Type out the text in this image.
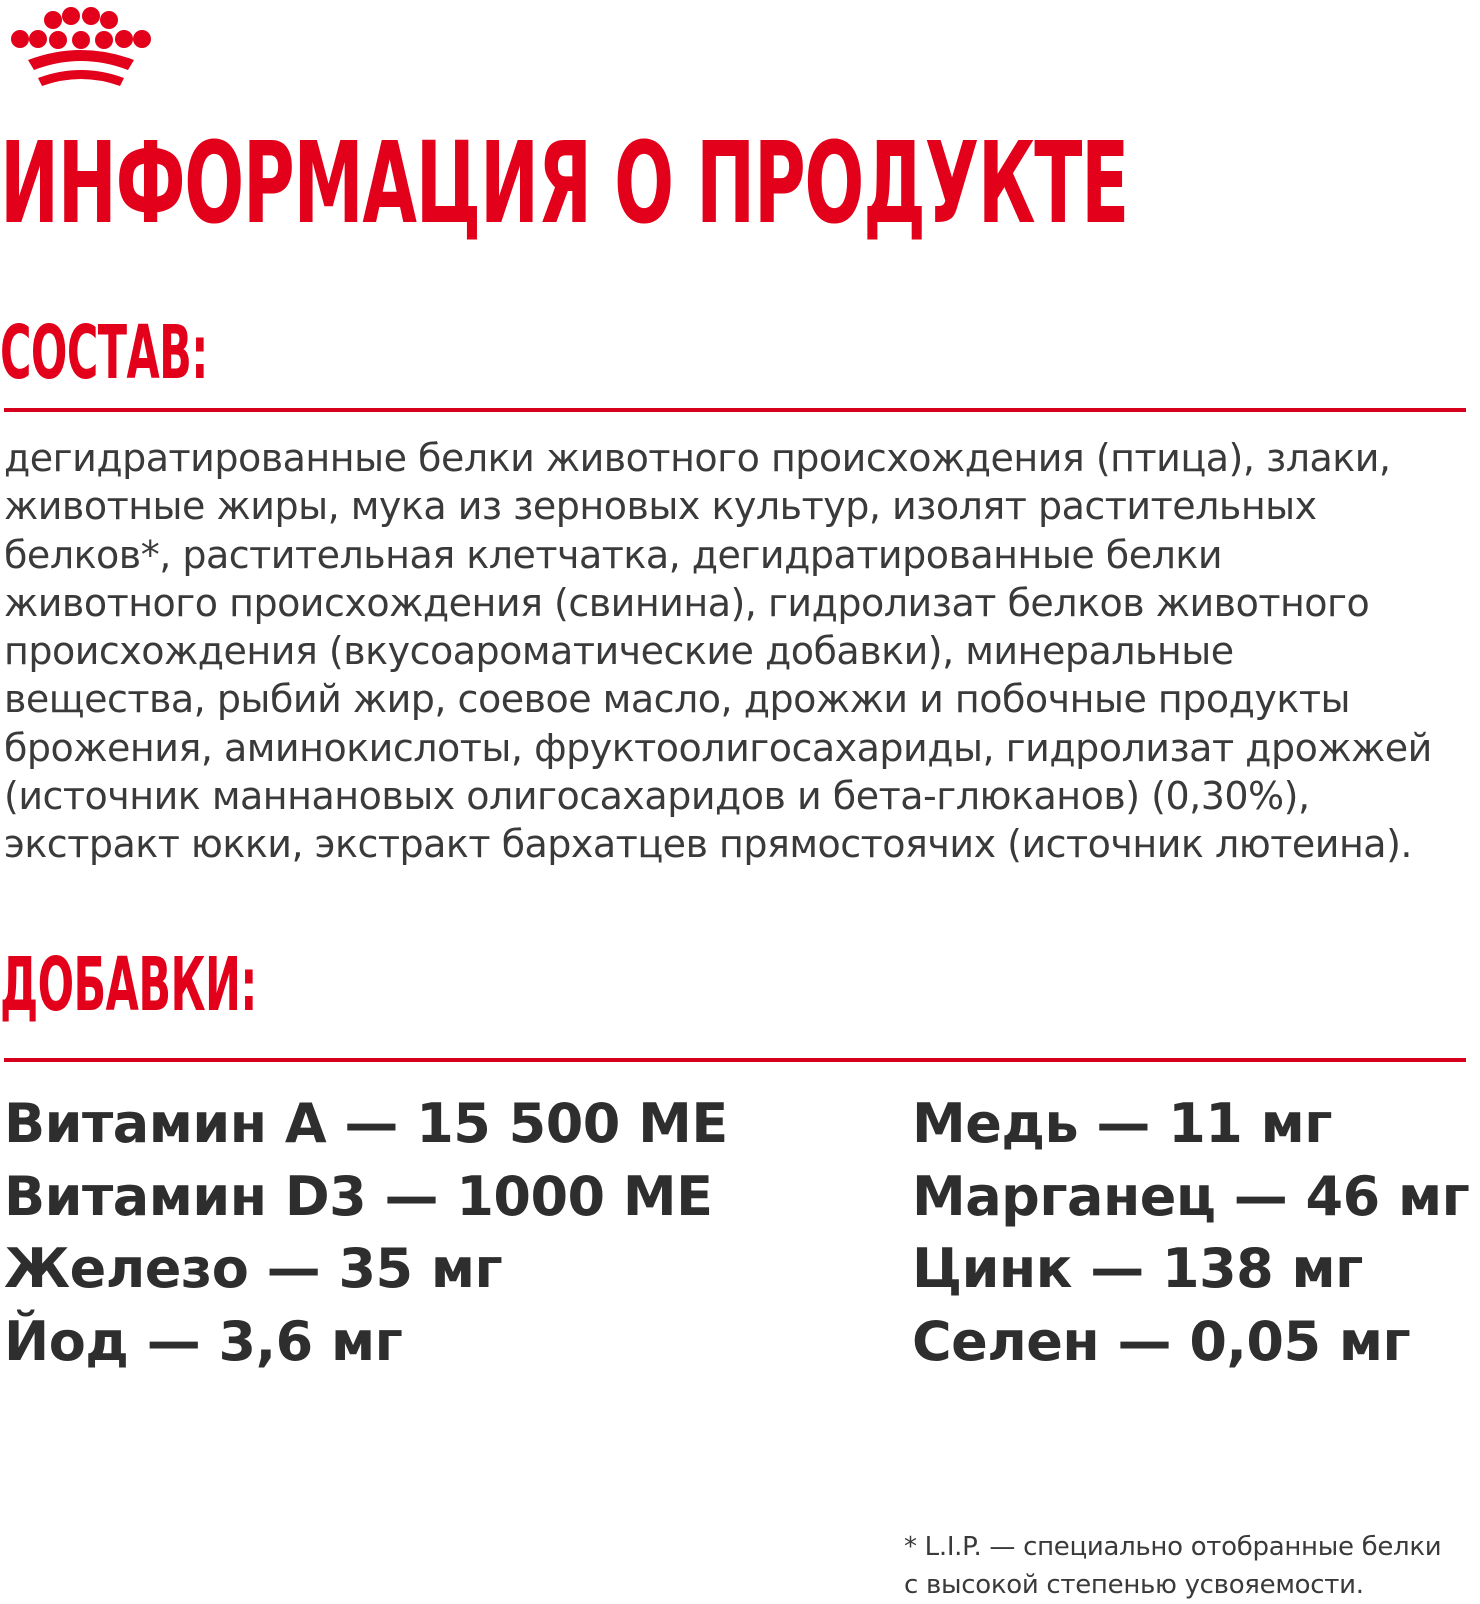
ИНФОРМАЦИЯ О ПРОДУКТЕ
СОСТАВ:

дегидратированные белки животного происхождения (птица), злаки,
животные жиры, мука из зерновых культур, изолят растительных
белков*, растительная клетчатка, дегидратированные белки
животного происхождения (свинина), гидролизат белков животного
происхождения (вкусоароматические добавки), минеральные
вещества, рыбий жир, соевое масло, дрожжи и побочные продукты
брожения, аминокислоты, фруктоолигосахариды, гидролизат дрожжей
(источник маннановых олигосахаридов и бета-глюканов) (0,30%),
экстракт юкки, экстракт бархатцев прямостоячих (источник лютеина).

ДОБАВКИ:
Витамин А — 15 500 МЕ
Витамин D3 — 1000 МЕ
Железо — 35 мг
Йод — 3,6 мг
Медь — 11 мг
Марганец — 46 мг
Цинк — 138 мг
Селен — 0,05 мг

* L.I.P. — специально отобранные белки
с высокой степенью усвояемости.
